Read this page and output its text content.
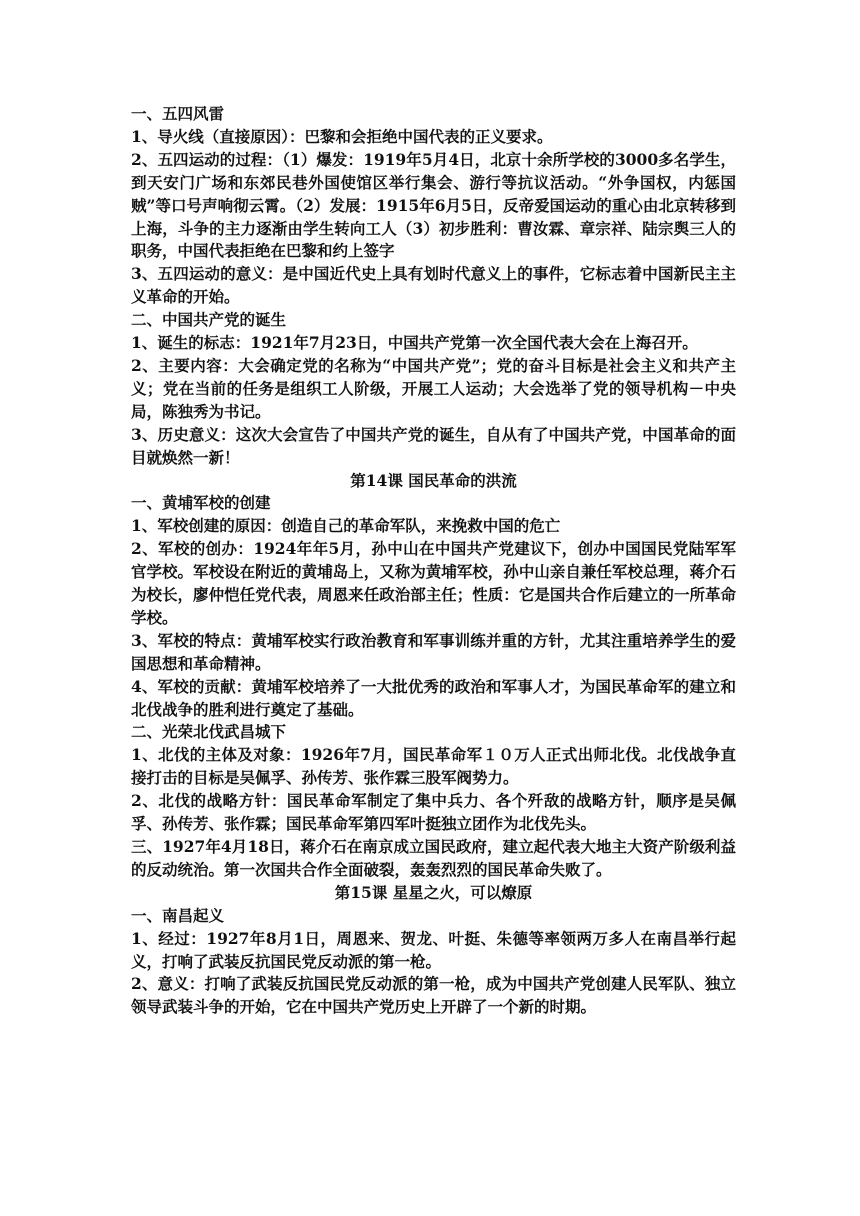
一、五四风雷

1、导火线（直接原因）：巴黎和会拒绝中国代表的正义要求。

2、五四运动的过程：（1）爆发：1919年5月4日，北京十余所学校的3000多名学生，到天安门广场和东郊民巷外国使馆区举行集会、游行等抗议活动。“外争国权，内惩国贼”等口号声响彻云霄。（2）发展：1915年6月5日，反帝爱国运动的重心由北京转移到上海，斗争的主力逐渐由学生转向工人（3）初步胜利：曹汝霖、章宗祥、陆宗舆三人的职务，中国代表拒绝在巴黎和约上签字

3、五四运动的意义：是中国近代史上具有划时代意义上的事件，它标志着中国新民主主义革命的开始。

二、中国共产党的诞生

1、诞生的标志：1921年7月23日，中国共产党第一次全国代表大会在上海召开。

2、主要内容：大会确定党的名称为“中国共产党”；党的奋斗目标是社会主义和共产主义；党在当前的任务是组织工人阶级，开展工人运动；大会选举了党的领导机构－中央局，陈独秀为书记。

3、历史意义：这次大会宣告了中国共产党的诞生，自从有了中国共产党，中国革命的面目就焕然一新！

第14课 国民革命的洪流

一、黄埔军校的创建

1、军校创建的原因：创造自己的革命军队，来挽救中国的危亡

2、军校的创办：1924年年5月，孙中山在中国共产党建议下，创办中国国民党陆军军官学校。军校设在附近的黄埔岛上，又称为黄埔军校，孙中山亲自兼任军校总理，蒋介石为校长，廖仲恺任党代表，周恩来任政治部主任；性质：它是国共合作后建立的一所革命学校。

3、军校的特点：黄埔军校实行政治教育和军事训练并重的方针，尤其注重培养学生的爱国思想和革命精神。

4、军校的贡献：黄埔军校培养了一大批优秀的政治和军事人才，为国民革命军的建立和北伐战争的胜利进行奠定了基础。

二、光荣北伐武昌城下

1、北伐的主体及对象：1926年7月，国民革命军１０万人正式出师北伐。北伐战争直接打击的目标是吴佩孚、孙传芳、张作霖三股军阀势力。

2、北伐的战略方针：国民革命军制定了集中兵力、各个歼敌的战略方针，顺序是吴佩孚、孙传芳、张作霖；国民革命军第四军叶挺独立团作为北伐先头。

三、1927年4月18日，蒋介石在南京成立国民政府，建立起代表大地主大资产阶级利益的反动统治。第一次国共合作全面破裂，轰轰烈烈的国民革命失败了。

第15课 星星之火，可以燎原

一、南昌起义

1、经过：1927年8月1日，周恩来、贺龙、叶挺、朱德等率领两万多人在南昌举行起义，打响了武装反抗国民党反动派的第一枪。

2、意义：打响了武装反抗国民党反动派的第一枪，成为中国共产党创建人民军队、独立领导武装斗争的开始，它在中国共产党历史上开辟了一个新的时期。
